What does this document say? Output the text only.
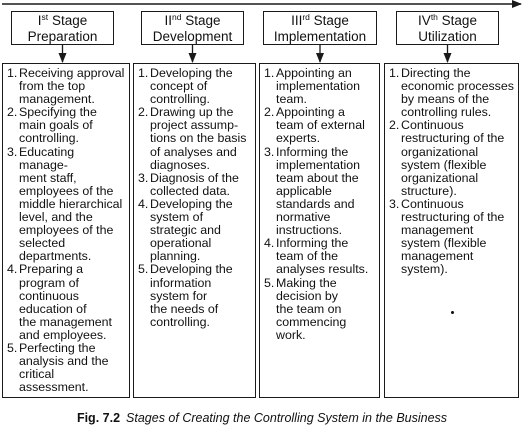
Ist Stage
Preparation
1. Receiving approval
from the top
management.
2. Specifying the
main goals of
controlling.
3. Educating manage-
ment staff,
employees of the
middle hierarchical
level, and the
employees of the
selected
departments.
4. Preparing a
program of
continuous
education of
the management
and employees.
5. Perfecting the
analysis and the
critical assessment.
IInd Stage
Development
1. Developing the
concept of
controlling.
2. Drawing up the
project assump-
tions on the basis
of analyses and
diagnoses.
3. Diagnosis of the
collected data.
4. Developing the
system of
strategic and
operational
planning.
5. Developing the
information
system for
the needs of
controlling.
IIIrd Stage
Implementation
1. Appointing an
implementation
team.
2. Appointing a
team of external
experts.
3. Informing the
implementation
team about the
applicable
standards and
normative
instructions.
4. Informing the
team of the
analyses results.
5. Making the
decision by
the team on
commencing work.
IVth Stage
Utilization
1. Directing the
economic processes
by means of the
controlling rules.
2. Continuous
restructuring of the
organizational
system (flexible
organizational
structure).
3. Continuous
restructuring of the
management
system (flexible
management
system).
Fig. 7.2 Stages of Creating the Controlling System in the Business
